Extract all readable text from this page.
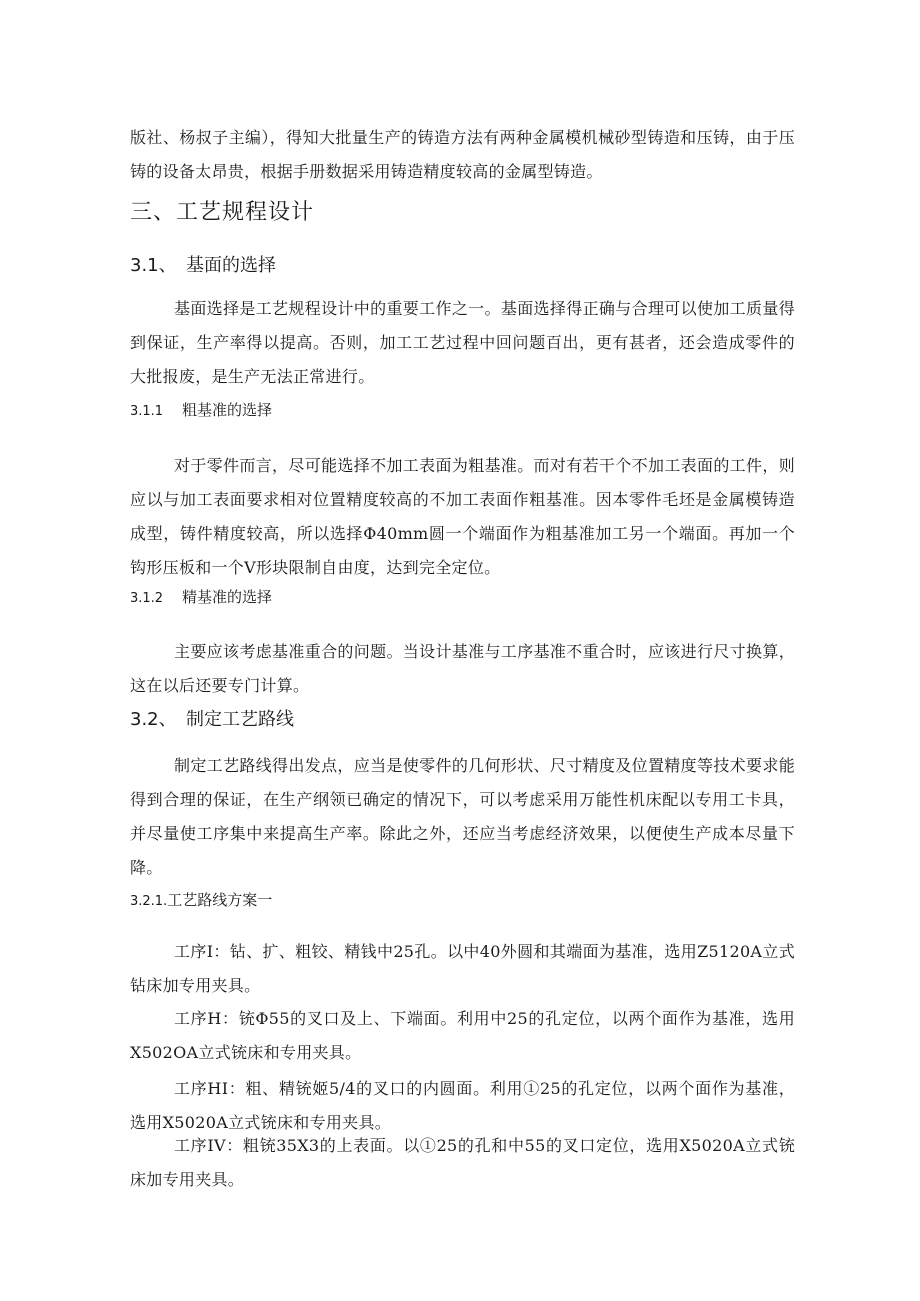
版社、杨叔子主编），得知大批量生产的铸造方法有两种金属模机械砂型铸造和压铸，由于压铸的设备太昂贵，根据手册数据采用铸造精度较高的金属型铸造。

三、工艺规程设计
3.1、 基面的选择

基面选择是工艺规程设计中的重要工作之一。基面选择得正确与合理可以使加工质量得到保证，生产率得以提高。否则，加工工艺过程中回问题百出，更有甚者，还会造成零件的大批报废，是生产无法正常进行。

3.1.1 粗基准的选择

对于零件而言，尽可能选择不加工表面为粗基准。而对有若干个不加工表面的工件，则应以与加工表面要求相对位置精度较高的不加工表面作粗基准。因本零件毛坯是金属模铸造成型，铸件精度较高，所以选择Φ40mm圆一个端面作为粗基准加工另一个端面。再加一个钩形压板和一个V形块限制自由度，达到完全定位。

3.1.2 精基准的选择

主要应该考虑基准重合的问题。当设计基准与工序基准不重合时，应该进行尺寸换算，这在以后还要专门计算。

3.2、 制定工艺路线

制定工艺路线得出发点，应当是使零件的几何形状、尺寸精度及位置精度等技术要求能得到合理的保证，在生产纲领已确定的情况下，可以考虑采用万能性机床配以专用工卡具，并尽量使工序集中来提高生产率。除此之外，还应当考虑经济效果，以便使生产成本尽量下降。

3.2.1.工艺路线方案一

工序I：钻、扩、粗铰、精钱中25孔。以中40外圆和其端面为基准，选用Z5120A立式钻床加专用夹具。

工序H：铳Φ55的叉口及上、下端面。利用中25的孔定位，以两个面作为基准，选用X502OA立式铳床和专用夹具。

工序HI：粗、精铳姬5/4的叉口的内圆面。利用①25的孔定位，以两个面作为基准，选用X5020A立式铳床和专用夹具。

工序IV：粗铳35X3的上表面。以①25的孔和中55的叉口定位，选用X5020A立式铳床加专用夹具。
